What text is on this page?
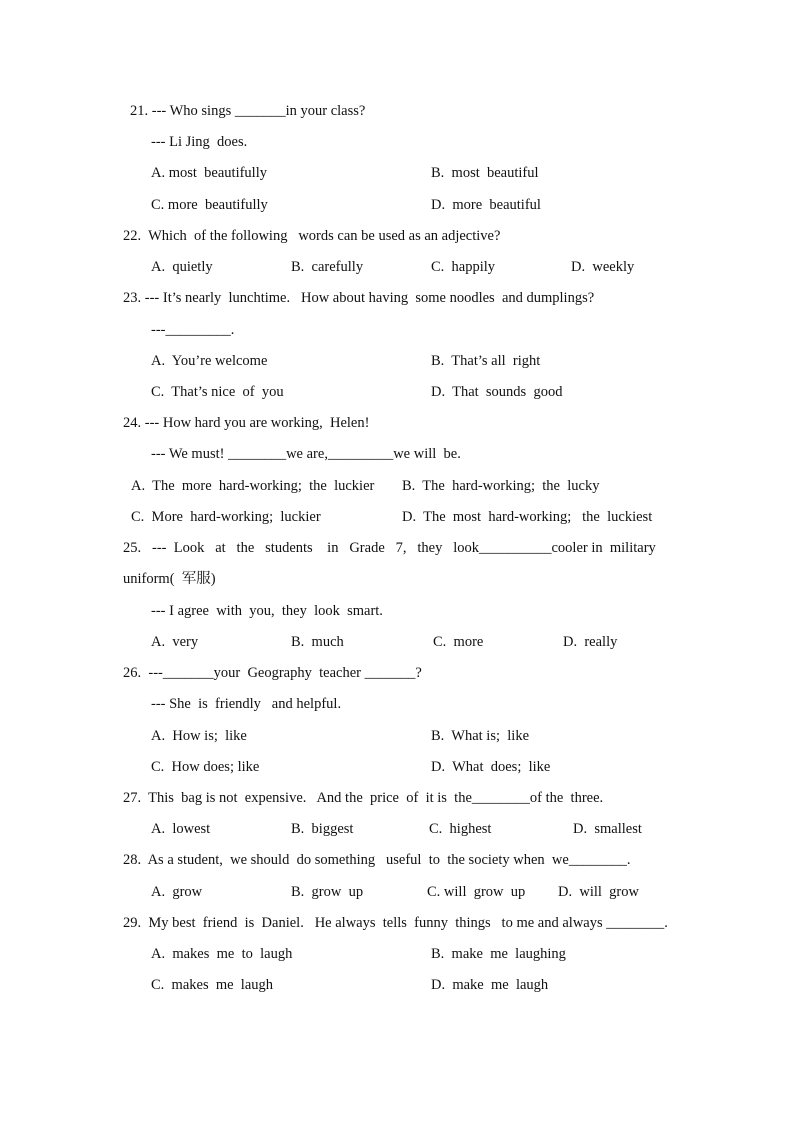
21. --- Who sings _______in your class?
--- Li Jing  does.
A. most  beautifully	B.  most  beautiful
C. more  beautifully	D.  more  beautiful
22.  Which  of the following   words can be used as an adjective?
A.  quietly	B.  carefully	C.  happily	D.  weekly
23. --- It’s nearly  lunchtime.   How about having  some noodles  and dumplings?
---_________.
A.  You’re welcome	B.  That’s all  right
C.  That’s nice  of  you	D.  That  sounds  good
24. --- How hard you are working,  Helen!
--- We must! ________we are,_________we will  be.
A.  The  more  hard-working;  the  luckier B.  The  hard-working;  the  lucky
C.  More  hard-working;  luckier	D.  The  most  hard-working;   the  luckiest
25.   ---  Look   at   the   students    in   Grade   7,   they   look__________cooler in  military
uniform(  军服)
--- I agree  with  you,  they  look  smart.
A.  very	B.  much	C.  more	D.  really
26.  ---_______your  Geography  teacher _______?
--- She  is  friendly   and helpful.
A.  How is;  like	B.  What is;  like
C.  How does; like	D.  What  does;  like
27.  This  bag is not  expensive.   And the  price  of  it is  the________of the  three.
A.  lowest	B.  biggest	C.  highest	D.  smallest
28.  As a student,  we should  do something   useful  to  the society when  we________.
A.  grow	B.  grow  up	C. will  grow  up D.  will  grow
29.  My best  friend  is  Daniel.   He always  tells  funny  things   to me and always ________.
A.  makes  me  to  laugh	B.  make  me  laughing
C.  makes  me  laugh	D.  make  me  laugh
